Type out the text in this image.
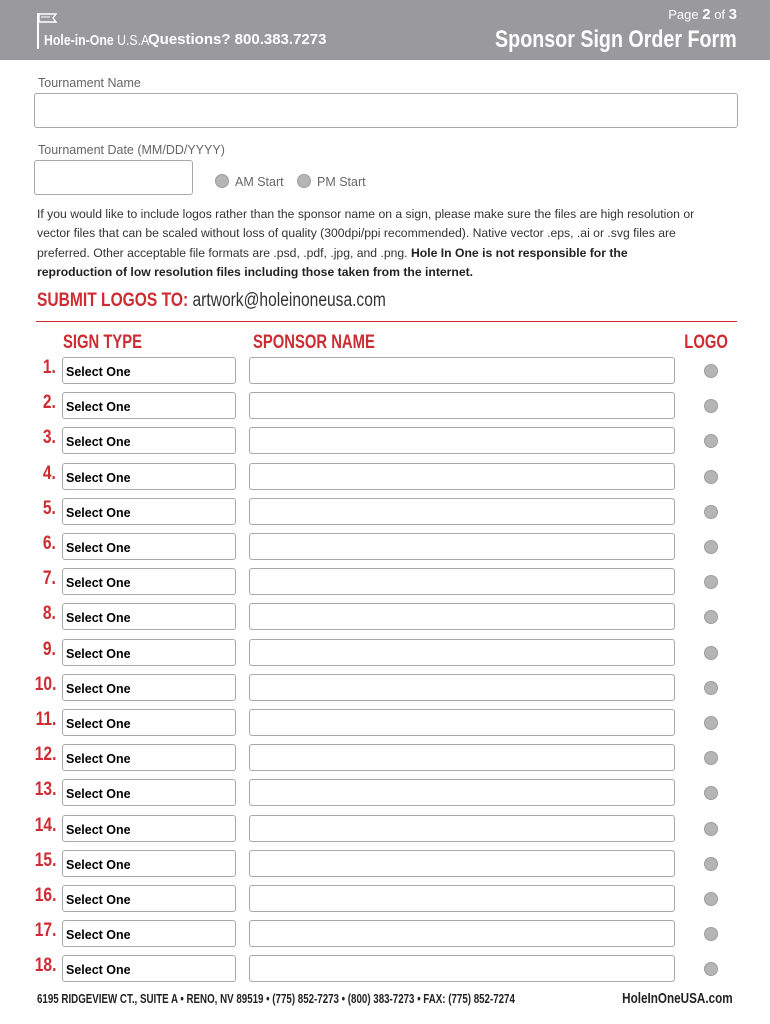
Hole-in-One U.S.A
Questions? 800.383.7273
Page 2 of 3
Sponsor Sign Order Form
Tournament Name
Tournament Date (MM/DD/YYYY)
AM Start	PM Start

If you would like to include logos rather than the sponsor name on a sign, please make sure the files are high resolution or vector files that can be scaled without loss of quality (300dpi/ppi recommended). Native vector .eps, .ai or .svg files are preferred. Other acceptable file formats are .psd, .pdf, .jpg, and .png. Hole In One is not responsible for the reproduction of low resolution files including those taken from the internet.

SUBMIT LOGOS TO: artwork@holeinoneusa.com
SIGN TYPE	SPONSOR NAME	LOGO
1. Select One
2. Select One
3. Select One
4. Select One
5. Select One
6. Select One
7. Select One
8. Select One
9. Select One
10. Select One
11. Select One
12. Select One
13. Select One
14. Select One
15. Select One
16. Select One
17. Select One
18. Select One
6195 RIDGEVIEW CT., SUITE A • RENO, NV 89519 • (775) 852-7273 • (800) 383-7273 • FAX: (775) 852-7274	HoleInOneUSA.com
